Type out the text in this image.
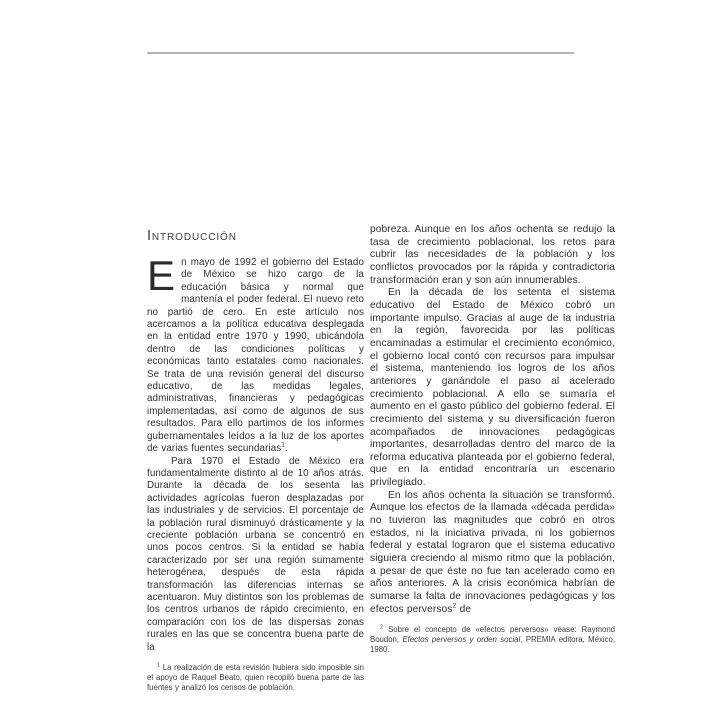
Introducción

En mayo de 1992 el gobierno del Estado de México se hizo cargo de la educación básica y normal que mantenía el poder federal. El nuevo reto no partió de cero. En este artículo nos acercamos a la política educativa desplegada en la entidad entre 1970 y 1990, ubicándola dentro de las condiciones políticas y económicas tanto estatales como nacionales. Se trata de una revisión general del discurso educativo, de las medidas legales, administrativas, financieras y pedagógicas implementadas, así como de algunos de sus resultados. Para ello partimos de los informes gubernamentales leídos a la luz de los aportes de varias fuentes secundarias$^1$.

Para 1970 el Estado de México era fundamentalmente distinto al de 10 años atrás. Durante la década de los sesenta las actividades agrícolas fueron desplazadas por las industriales y de servicios. El porcentaje de la población rural disminuyó drásticamente y la creciente población urbana se concentró en unos pocos centros. Si la entidad se había caracterizado por ser una región sumamente heterogénea, después de esta rápida transformación las diferencias internas se acentuaron. Muy distintos son los problemas de los centros urbanos de rápido crecimiento, en comparación con los de las dispersas zonas rurales en las que se concentra buena parte de la

$^1$ La realización de esta revisión hubiera sido imposible sin el apoyo de Raquel Beato, quien recopiló buena parte de las fuentes y analizó los censos de población.

pobreza. Aunque en los años ochenta se redujo la tasa de crecimiento poblacional, los retos para cubrir las necesidades de la población y los conflictos provocados por la rápida y contradictoria transformación eran y son aún innumerables.

En la década de los setenta el sistema educativo del Estado de México cobró un importante impulso. Gracias al auge de la industria en la región, favorecida por las políticas encaminadas a estimular el crecimiento económico, el gobierno local contó con recursos para impulsar el sistema, manteniendo los logros de los años anteriores y ganándole el paso al acelerado crecimiento poblacional. A ello se sumaría el aumento en el gasto público del gobierno federal. El crecimiento del sistema y su diversificación fueron acompañados de innovaciones pedagógicas importantes, desarrolladas dentro del marco de la reforma educativa planteada por el gobierno federal, que en la entidad encontraría un escenario privilegiado.

En los años ochenta la situación se transformó. Aunque los efectos de la llamada «década perdida» no tuvieron las magnitudes que cobró en otros estados, ni la iniciativa privada, ni los gobiernos federal y estatal lograron que el sistema educativo siguiera creciendo al mismo ritmo que la población, a pesar de que éste no fue tan acelerado como en años anteriores. A la crisis económica habrían de sumarse la falta de innovaciones pedagógicas y los efectos perversos$^2$ de

$^2$ Sobre el concepto de «efectos perversos» véase: Raymond Boudon, Efectos perversos y orden social, PREMIA editora, México, 1980.
